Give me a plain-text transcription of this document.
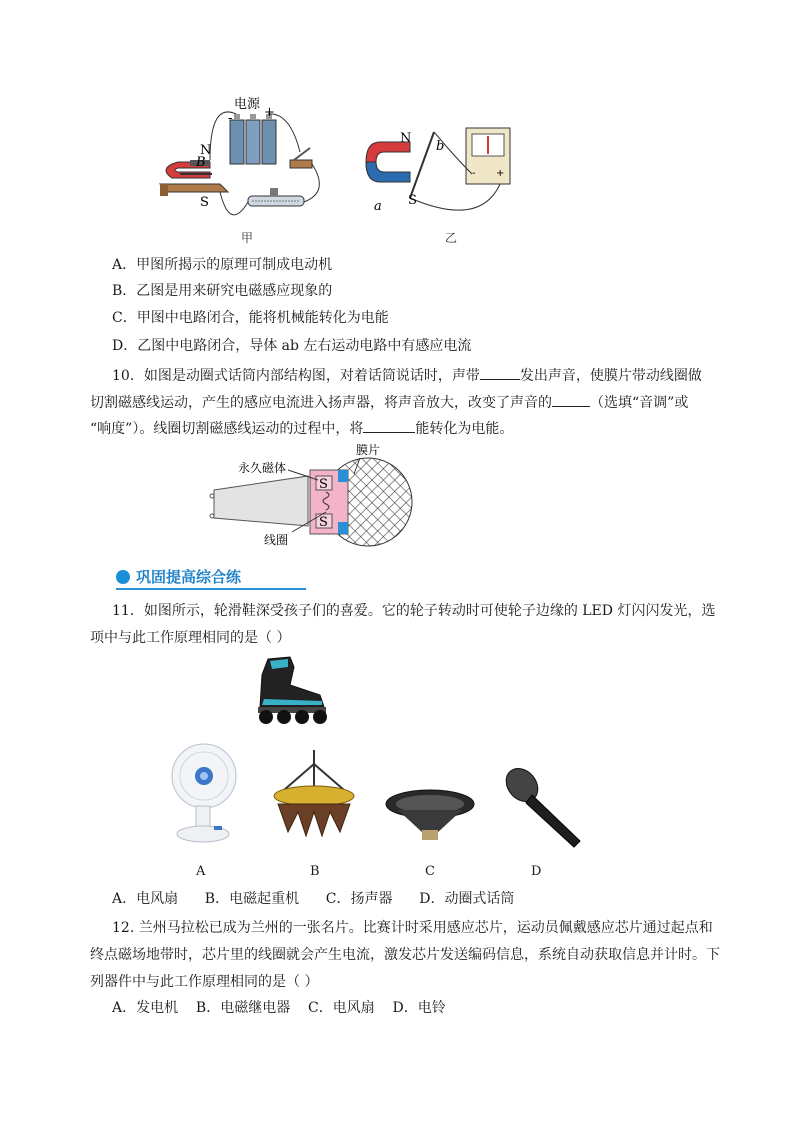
电源
- +
N
B
S
甲
- +
N
b
a S
乙
A．甲图所揭示的原理可制成电动机
B．乙图是用来研究电磁感应现象的
C．甲图中电路闭合，能将机械能转化为电能
D．乙图中电路闭合，导体 ab 左右运动电路中有感应电流
10．如图是动圈式话筒内部结构图，对着话筒说话时，声带	发出声音，使膜片带动线圈做
切割磁感线运动，产生的感应电流进入扬声器，将声音放大，改变了声音的	（选填“音调”或
“响度”）。线圈切割磁感线运动的过程中，将	能转化为电能。
S
S
永久磁体
膜片
线圈
巩固提高综合练
11．如图所示，轮滑鞋深受孩子们的喜爱。它的轮子转动时可使轮子边缘的 LED 灯闪闪发光，选
项中与此工作原理相同的是（ ）
A	B	C	D
A．电风扇      B．电磁起重机      C．扬声器      D．动圈式话筒
12. 兰州马拉松已成为兰州的一张名片。比赛计时采用感应芯片，运动员佩戴感应芯片通过起点和
终点磁场地带时，芯片里的线圈就会产生电流，激发芯片发送编码信息，系统自动获取信息并计时。下
列器件中与此工作原理相同的是（ ）
A．发电机    B．电磁继电器    C．电风扇    D．电铃
